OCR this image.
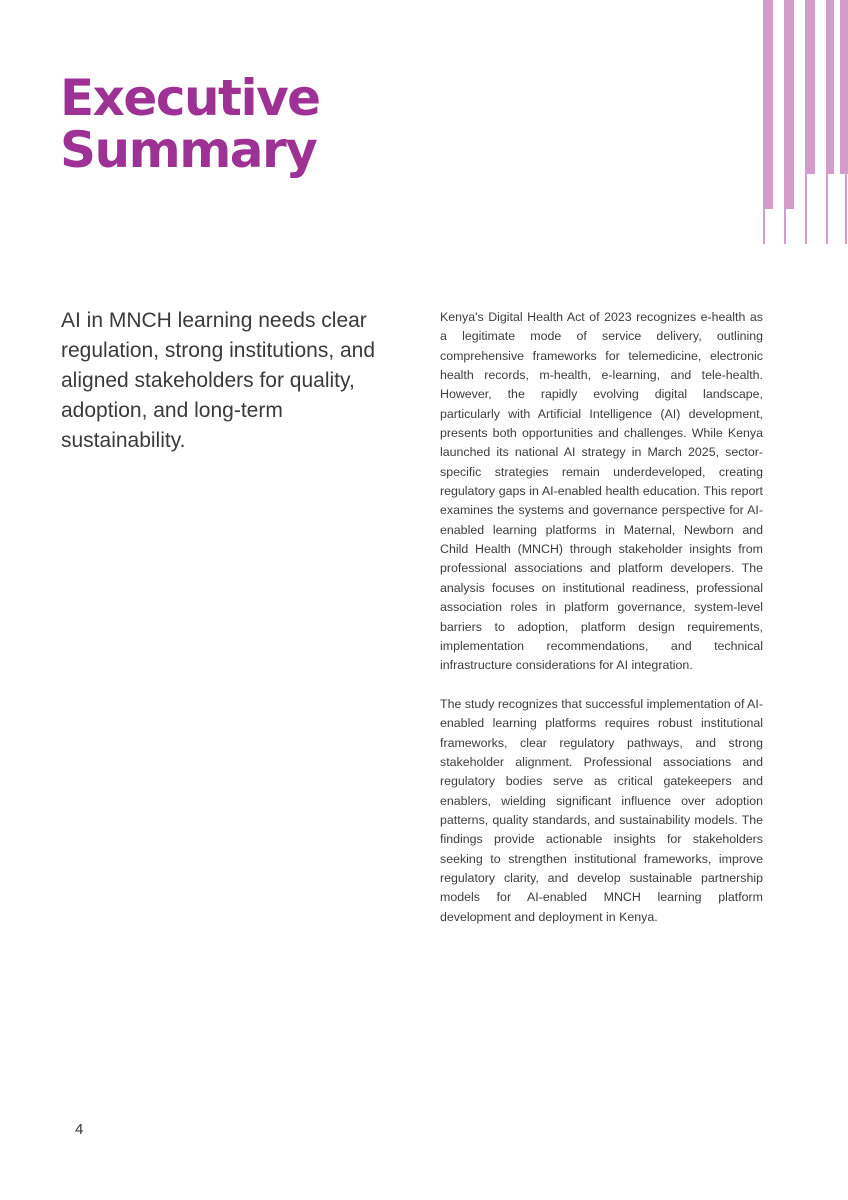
Executive
Summary

AI in MNCH learning needs clear regulation, strong institutions, and aligned stakeholders for quality, adoption, and long-term sustainability.

Kenya's Digital Health Act of 2023 recognizes e-health as a legitimate mode of service delivery, outlining comprehensive frameworks for telemedicine, electronic health records, m-health, e-learning, and tele-health. However, the rapidly evolving digital landscape, particularly with Artificial Intelligence (AI) development, presents both opportunities and challenges. While Kenya launched its national AI strategy in March 2025, sector-specific strategies remain underdeveloped, creating regulatory gaps in AI-enabled health education. This report examines the systems and governance perspective for AI-enabled learning platforms in Maternal, Newborn and Child Health (MNCH) through stakeholder insights from professional associations and platform developers. The analysis focuses on institutional readiness, professional association roles in platform governance, system-level barriers to adoption, platform design requirements, implementation recommendations, and technical infrastructure considerations for AI integration.

The study recognizes that successful implementation of AI-enabled learning platforms requires robust institutional frameworks, clear regulatory pathways, and strong stakeholder alignment. Professional associations and regulatory bodies serve as critical gatekeepers and enablers, wielding significant influence over adoption patterns, quality standards, and sustainability models. The findings provide actionable insights for stakeholders seeking to strengthen institutional frameworks, improve regulatory clarity, and develop sustainable partnership models for AI-enabled MNCH learning platform development and deployment in Kenya.

4
